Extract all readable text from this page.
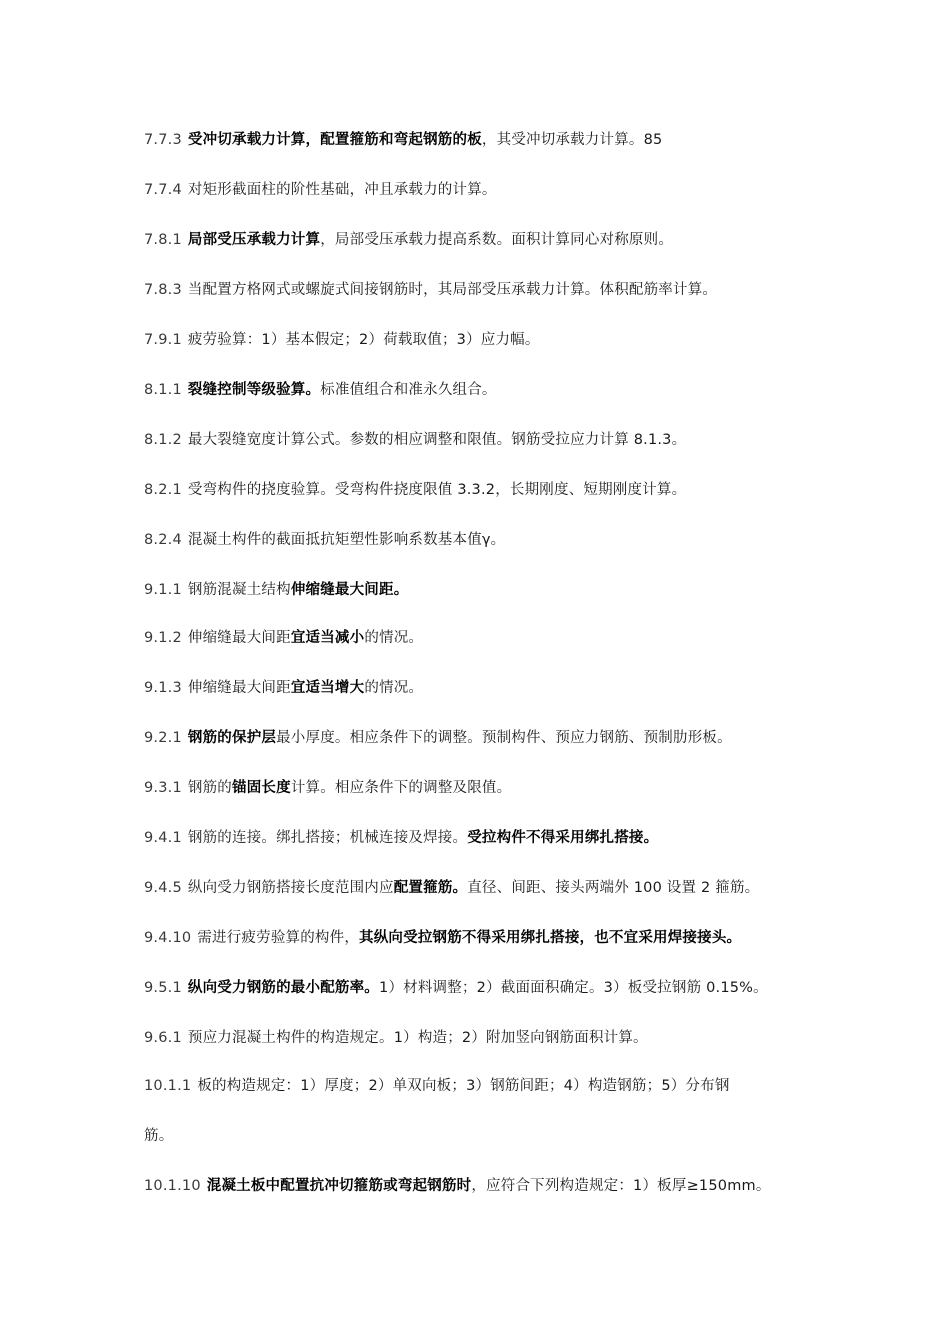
7.7.3 受冲切承载力计算，配置箍筋和弯起钢筋的板，其受冲切承载力计算。85
7.7.4 对矩形截面柱的阶性基础，冲且承载力的计算。
7.8.1 局部受压承载力计算，局部受压承载力提高系数。面积计算同心对称原则。
7.8.3 当配置方格网式或螺旋式间接钢筋时，其局部受压承载力计算。体积配筋率计算。
7.9.1 疲劳验算：1）基本假定；2）荷载取值；3）应力幅。
8.1.1 裂缝控制等级验算。标准值组合和准永久组合。
8.1.2 最大裂缝宽度计算公式。参数的相应调整和限值。钢筋受拉应力计算 8.1.3。
8.2.1 受弯构件的挠度验算。受弯构件挠度限值 3.3.2，长期刚度、短期刚度计算。
8.2.4 混凝土构件的截面抵抗矩塑性影响系数基本值γ。
9.1.1 钢筋混凝土结构伸缩缝最大间距。
9.1.2 伸缩缝最大间距宜适当减小的情况。
9.1.3 伸缩缝最大间距宜适当增大的情况。
9.2.1 钢筋的保护层最小厚度。相应条件下的调整。预制构件、预应力钢筋、预制肋形板。
9.3.1 钢筋的锚固长度计算。相应条件下的调整及限值。
9.4.1 钢筋的连接。绑扎搭接；机械连接及焊接。受拉构件不得采用绑扎搭接。
9.4.5 纵向受力钢筋搭接长度范围内应配置箍筋。直径、间距、接头两端外 100 设置 2 箍筋。
9.4.10 需进行疲劳验算的构件，其纵向受拉钢筋不得采用绑扎搭接，也不宜采用焊接接头。
9.5.1 纵向受力钢筋的最小配筋率。1）材料调整；2）截面面积确定。3）板受拉钢筋 0.15%。
9.6.1 预应力混凝土构件的构造规定。1）构造；2）附加竖向钢筋面积计算。
10.1.1 板的构造规定：1）厚度；2）单双向板；3）钢筋间距；4）构造钢筋；5）分布钢
筋。
10.1.10 混凝土板中配置抗冲切箍筋或弯起钢筋时，应符合下列构造规定：1）板厚≥150mm。
